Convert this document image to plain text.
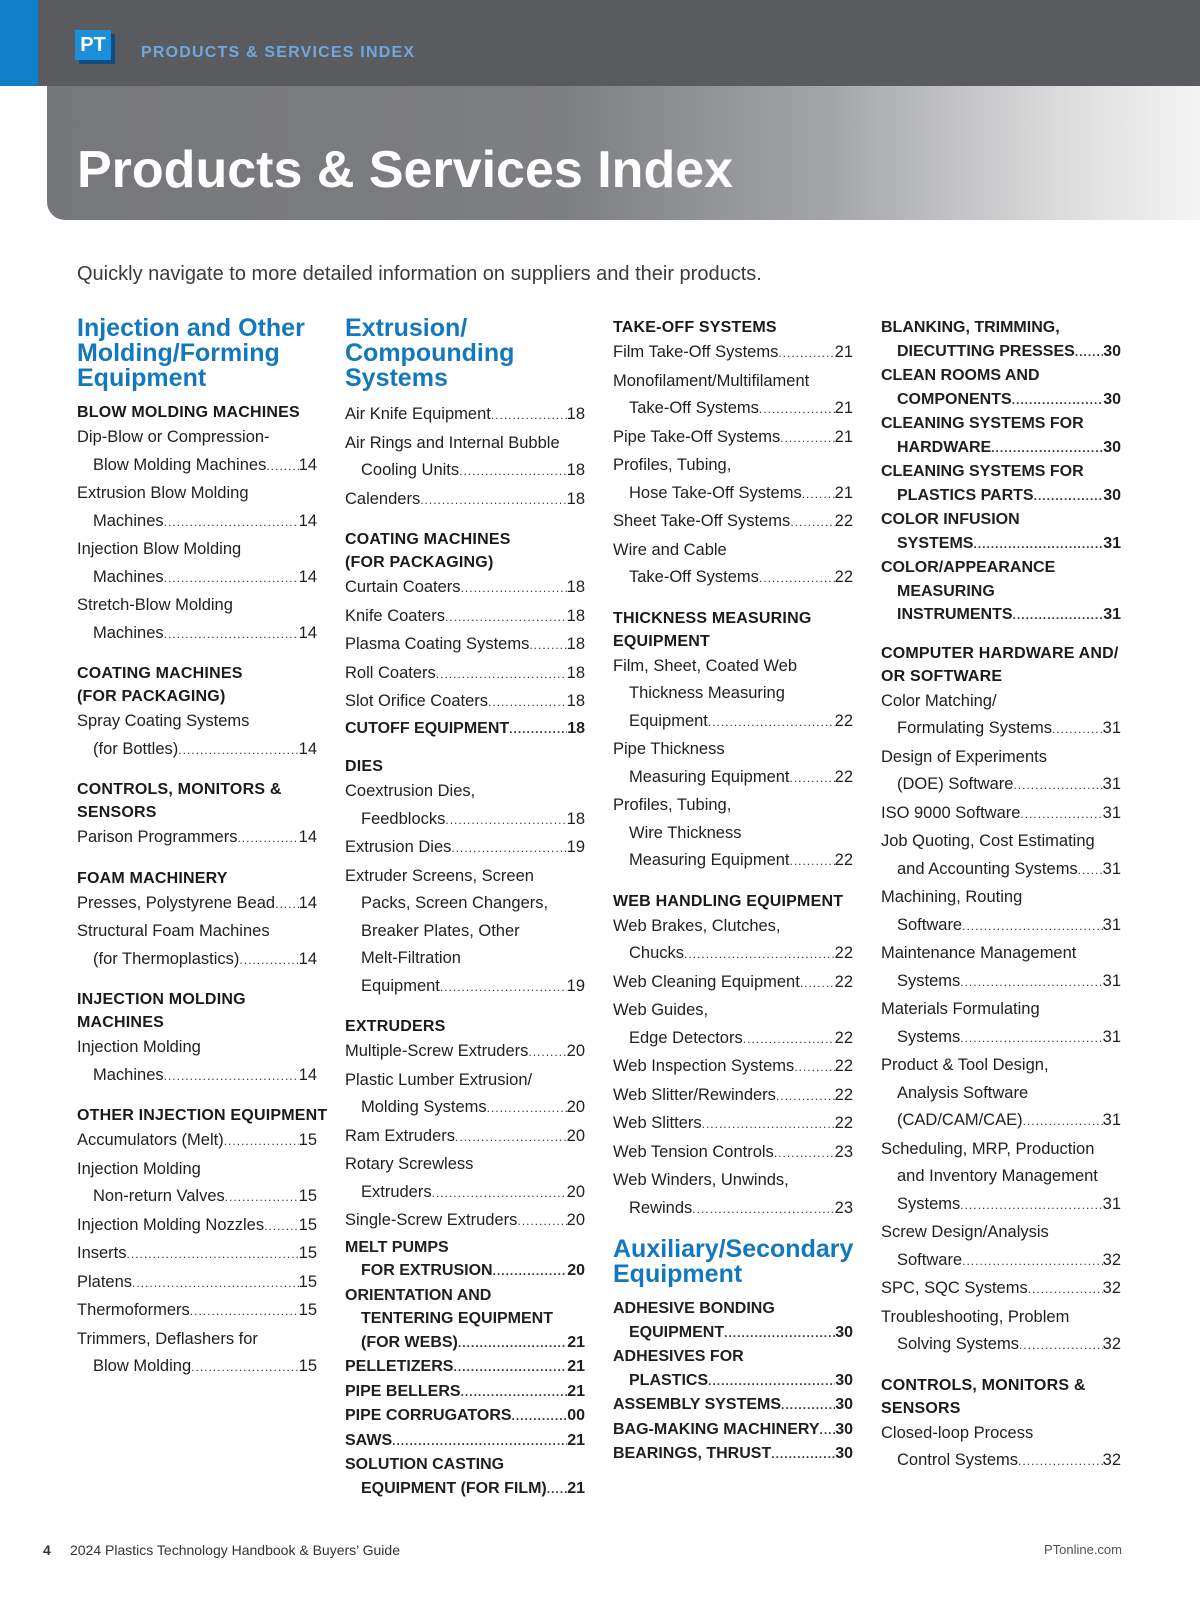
PT	PRODUCTS & SERVICES INDEX
Products & Services Index

Quickly navigate to more detailed information on suppliers and their products.

Injection and Other
Molding/Forming
Equipment
BLOW MOLDING MACHINES
Dip-Blow or Compression-
Blow Molding Machines ..... 14
Extrusion Blow Molding
Machines .....	14
Injection Blow Molding
Machines .....	14
Stretch-Blow Molding
Machines .....	14
COATING MACHINES
(FOR PACKAGING)
Spray Coating Systems
(for Bottles) .....	14
CONTROLS, MONITORS &
SENSORS
Parison Programmers .....	14
FOAM MACHINERY
Presses, Polystyrene Bead ..... 14
Structural Foam Machines
(for Thermoplastics) .....	14
INJECTION MOLDING
MACHINES
Injection Molding
Machines .....	14
OTHER INJECTION EQUIPMENT
Accumulators (Melt) .....	15
Injection Molding
Non-return Valves .....	15
Injection Molding Nozzles ..... 15
Inserts .....	15
Platens .....	15
Thermoformers .....	15
Trimmers, Deflashers for
Blow Molding .....	15
Extrusion/
Compounding
Systems
Air Knife Equipment .....	18
Air Rings and Internal Bubble
Cooling Units .....	18
Calenders .....	18
COATING MACHINES
(FOR PACKAGING)
Curtain Coaters .....	18
Knife Coaters .....	18
Plasma Coating Systems ..... 18
Roll Coaters .....	18
Slot Orifice Coaters .....	18
CUTOFF EQUIPMENT .....	18
DIES
Coextrusion Dies,
Feedblocks .....	18
Extrusion Dies .....	19
Extruder Screens, Screen
Packs, Screen Changers,
Breaker Plates, Other
Melt-Filtration
Equipment .....	19
EXTRUDERS
Multiple-Screw Extruders ..... 20
Plastic Lumber Extrusion/
Molding Systems .....	20
Ram Extruders .....	20
Rotary Screwless
Extruders .....	20
Single-Screw Extruders .....	20
MELT PUMPS
FOR EXTRUSION .....	20
ORIENTATION AND
TENTERING EQUIPMENT
(FOR WEBS) .....	21
PELLETIZERS .....	21
PIPE BELLERS .....	21
PIPE CORRUGATORS .....	00
SAWS .....	21
SOLUTION CASTING
EQUIPMENT (FOR FILM) ..... 21
TAKE-OFF SYSTEMS
Film Take-Off Systems .....	21
Monofilament/Multifilament
Take-Off Systems .....	21
Pipe Take-Off Systems .....	21
Profiles, Tubing,
Hose Take-Off Systems ..... 21
Sheet Take-Off Systems .....	22
Wire and Cable
Take-Off Systems .....	22
THICKNESS MEASURING
EQUIPMENT
Film, Sheet, Coated Web
Thickness Measuring
Equipment .....	22
Pipe Thickness
Measuring Equipment .....	22
Profiles, Tubing,
Wire Thickness
Measuring Equipment .....	22
WEB HANDLING EQUIPMENT
Web Brakes, Clutches,
Chucks .....	22
Web Cleaning Equipment ..... 22
Web Guides,
Edge Detectors .....	22
Web Inspection Systems ..... 22
Web Slitter/Rewinders .....	22
Web Slitters .....	22
Web Tension Controls .....	23
Web Winders, Unwinds,
Rewinds .....	23
Auxiliary/Secondary
Equipment
ADHESIVE BONDING
EQUIPMENT .....	30
ADHESIVES FOR
PLASTICS .....	30
ASSEMBLY SYSTEMS .....	30
BAG-MAKING MACHINERY ..... 30
BEARINGS, THRUST .....	30
BLANKING, TRIMMING,
DIECUTTING PRESSES ..... 30
CLEAN ROOMS AND
COMPONENTS .....	30
CLEANING SYSTEMS FOR
HARDWARE .....	30
CLEANING SYSTEMS FOR
PLASTICS PARTS .....	30
COLOR INFUSION
SYSTEMS .....	31
COLOR/APPEARANCE
MEASURING
INSTRUMENTS .....	31
COMPUTER HARDWARE AND/
OR SOFTWARE
Color Matching/
Formulating Systems .....	31
Design of Experiments
(DOE) Software .....	31
ISO 9000 Software .....	31
Job Quoting, Cost Estimating
and Accounting Systems ..... 31
Machining, Routing
Software .....	31
Maintenance Management
Systems .....	31
Materials Formulating
Systems .....	31
Product & Tool Design,
Analysis Software
(CAD/CAM/CAE) .....	31
Scheduling, MRP, Production
and Inventory Management
Systems .....	31
Screw Design/Analysis
Software .....	32
SPC, SQC Systems .....	32
Troubleshooting, Problem
Solving Systems .....	32
CONTROLS, MONITORS &
SENSORS
Closed-loop Process
Control Systems .....	32
4 2024 Plastics Technology Handbook & Buyers’ Guide	PTonline.com
